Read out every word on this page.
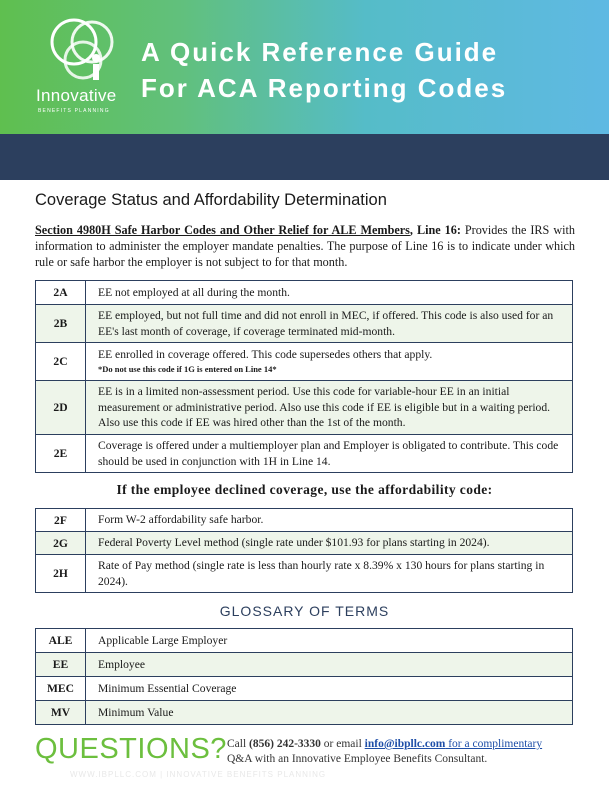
Innovative
BENEFITS PLANNING
A Quick Reference Guide
For ACA Reporting Codes
Coverage Status and Affordability Determination
Section 4980H Safe Harbor Codes and Other Relief for ALE Members, Line 16: Provides the IRS with information to administer the employer mandate penalties. The purpose of Line 16 is to indicate under which rule or safe harbor the employer is not subject to for that month.
2A	EE not employed at all during the month.
2B	EE employed, but not full time and did not enroll in MEC, if offered. This code is also used for an EE's last month of coverage, if coverage terminated mid-month.
2C	EE enrolled in coverage offered. This code supersedes others that apply.
*Do not use this code if 1G is entered on Line 14*

2D	EE is in a limited non-assessment period. Use this code for variable-hour EE in an initial measurement or administrative period. Also use this code if EE is eligible but in a waiting period. Also use this code if EE was hired other than the 1st of the month.
2E	Coverage is offered under a multiemployer plan and Employer is obligated to contribute. This code should be used in conjunction with 1H in Line 14.
If the employee declined coverage, use the affordability code:
2F	Form W-2 affordability safe harbor.
2G	Federal Poverty Level method (single rate under $101.93 for plans starting in 2024).
2H	Rate of Pay method (single rate is less than hourly rate x 8.39% x 130 hours for plans starting in 2024).
GLOSSARY OF TERMS
ALE	Applicable Large Employer
EE	Employee
MEC	Minimum Essential Coverage
MV	Minimum Value
QUESTIONS? Call (856) 242-3330 or email info@ibpllc.com for a complimentary
Q&A with an Innovative Employee Benefits Consultant.
WWW.IBPLLC.COM | INNOVATIVE BENEFITS PLANNING
